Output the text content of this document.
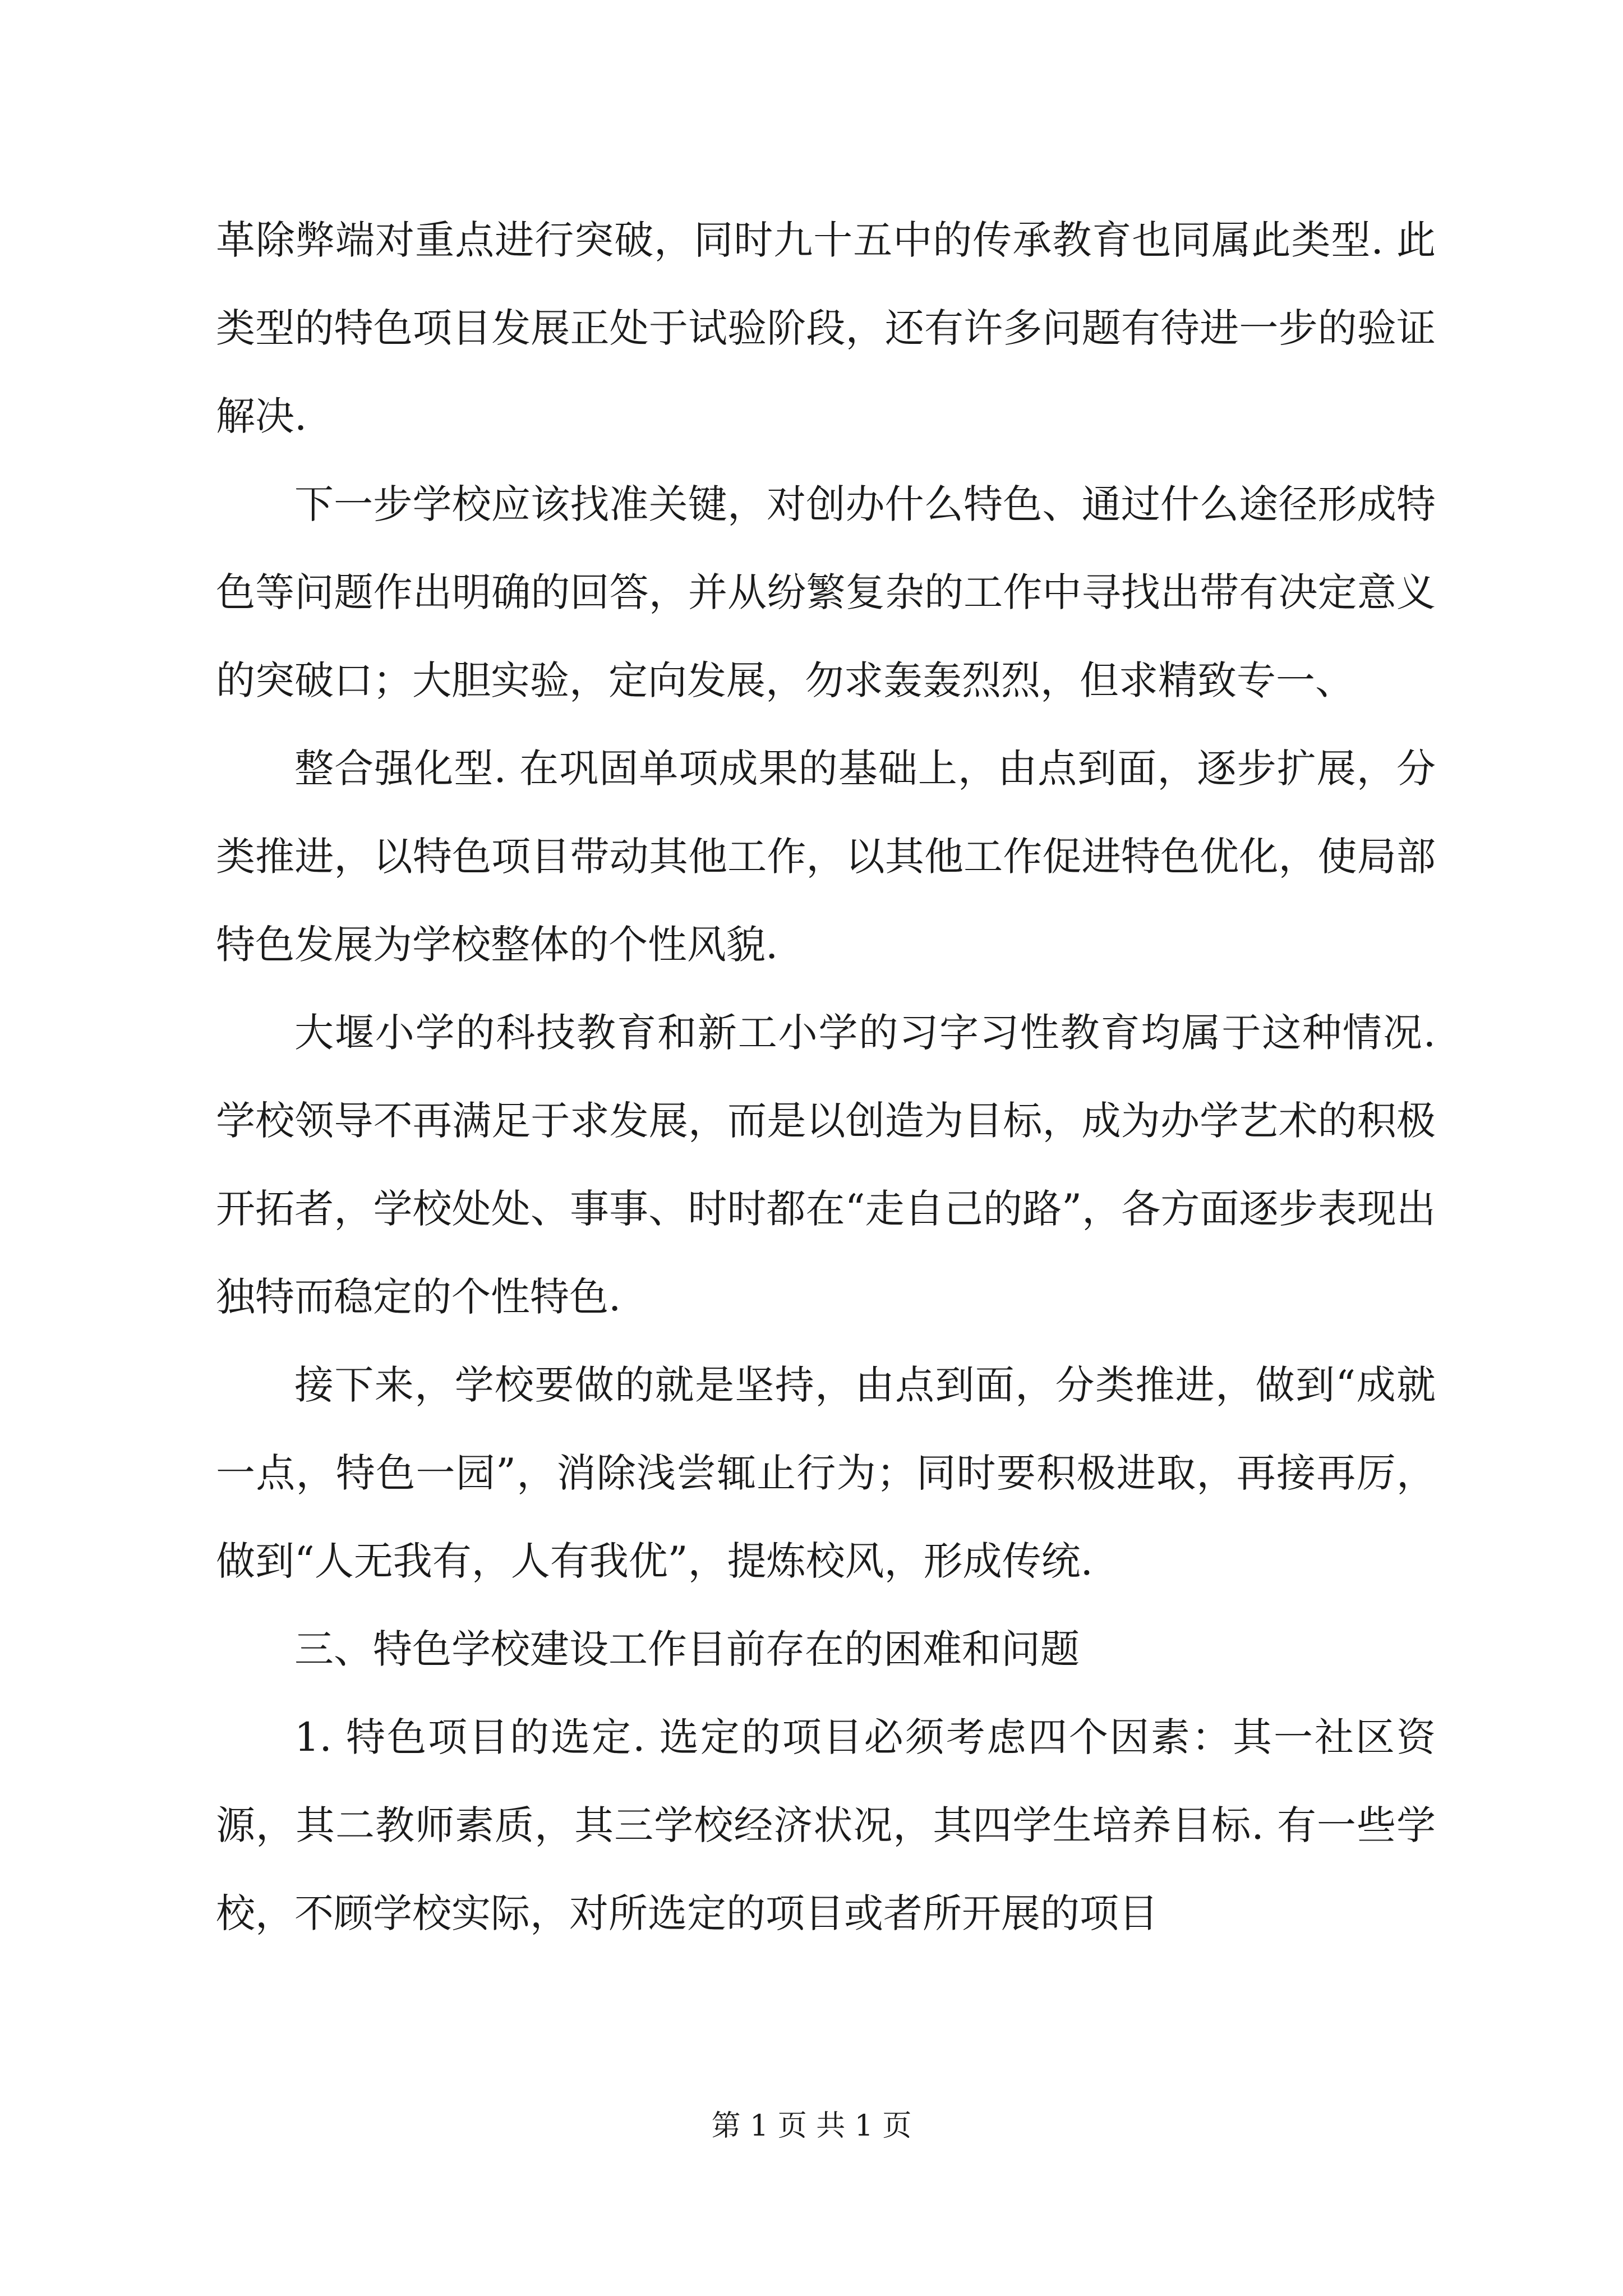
革除弊端对重点进行突破，同时九十五中的传承教育也同属此类型. 此类型的特色项目发展正处于试验阶段，还有许多问题有待进一步的验证解决.

下一步学校应该找准关键，对创办什么特色、通过什么途径形成特色等问题作出明确的回答，并从纷繁复杂的工作中寻找出带有决定意义的突破口；大胆实验，定向发展，勿求轰轰烈烈，但求精致专一、

整合强化型. 在巩固单项成果的基础上，由点到面，逐步扩展，分类推进，以特色项目带动其他工作，以其他工作促进特色优化，使局部特色发展为学校整体的个性风貌.

大堰小学的科技教育和新工小学的习字习性教育均属于这种情况. 学校领导不再满足于求发展，而是以创造为目标，成为办学艺术的积极开拓者，学校处处、事事、时时都在“走自己的路”，各方面逐步表现出独特而稳定的个性特色.

接下来，学校要做的就是坚持，由点到面，分类推进，做到“成就一点，特色一园”，消除浅尝辄止行为；同时要积极进取，再接再厉，做到“人无我有，人有我优”，提炼校风，形成传统.

三、特色学校建设工作目前存在的困难和问题

1. 特色项目的选定. 选定的项目必须考虑四个因素：其一社区资源，其二教师素质，其三学校经济状况，其四学生培养目标. 有一些学校，不顾学校实际，对所选定的项目或者所开展的项目

第 1 页 共 1 页
